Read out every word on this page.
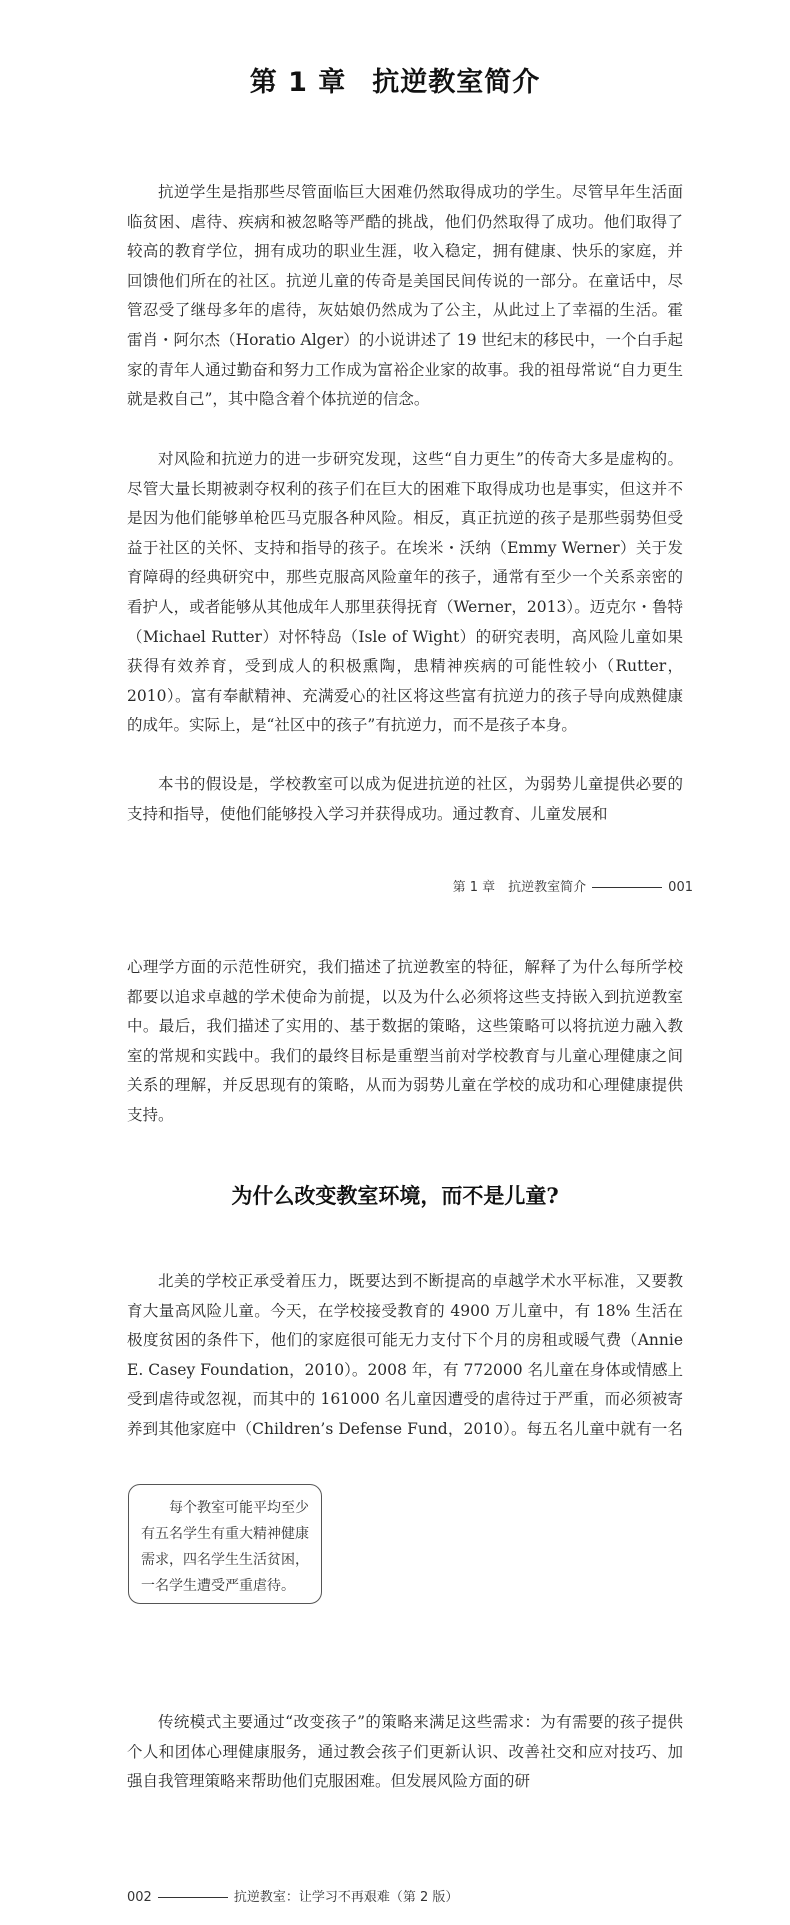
第 1 章 抗逆教室简介

抗逆学生是指那些尽管面临巨大困难仍然取得成功的学生。尽管早年生活面临贫困、虐待、疾病和被忽略等严酷的挑战，他们仍然取得了成功。他们取得了较高的教育学位，拥有成功的职业生涯，收入稳定，拥有健康、快乐的家庭，并回馈他们所在的社区。抗逆儿童的传奇是美国民间传说的一部分。在童话中，尽管忍受了继母多年的虐待，灰姑娘仍然成为了公主，从此过上了幸福的生活。霍雷肖・阿尔杰（Horatio Alger）的小说讲述了 19 世纪末的移民中，一个白手起家的青年人通过勤奋和努力工作成为富裕企业家的故事。我的祖母常说“自力更生就是救自己”，其中隐含着个体抗逆的信念。

对风险和抗逆力的进一步研究发现，这些“自力更生”的传奇大多是虚构的。尽管大量长期被剥夺权利的孩子们在巨大的困难下取得成功也是事实，但这并不是因为他们能够单枪匹马克服各种风险。相反，真正抗逆的孩子是那些弱势但受益于社区的关怀、支持和指导的孩子。在埃米・沃纳（Emmy Werner）关于发育障碍的经典研究中，那些克服高风险童年的孩子，通常有至少一个关系亲密的看护人，或者能够从其他成年人那里获得抚育（Werner，2013）。迈克尔・鲁特（Michael Rutter）对怀特岛（Isle of Wight）的研究表明，高风险儿童如果获得有效养育，受到成人的积极熏陶，患精神疾病的可能性较小（Rutter，2010）。富有奉献精神、充满爱心的社区将这些富有抗逆力的孩子导向成熟健康的成年。实际上，是“社区中的孩子”有抗逆力，而不是孩子本身。

本书的假设是，学校教室可以成为促进抗逆的社区，为弱势儿童提供必要的支持和指导，使他们能够投入学习并获得成功。通过教育、儿童发展和

第 1 章　抗逆教室简介	001

心理学方面的示范性研究，我们描述了抗逆教室的特征，解释了为什么每所学校都要以追求卓越的学术使命为前提，以及为什么必须将这些支持嵌入到抗逆教室中。最后，我们描述了实用的、基于数据的策略，这些策略可以将抗逆力融入教室的常规和实践中。我们的最终目标是重塑当前对学校教育与儿童心理健康之间关系的理解，并反思现有的策略，从而为弱势儿童在学校的成功和心理健康提供支持。

为什么改变教室环境，而不是儿童?

北美的学校正承受着压力，既要达到不断提高的卓越学术水平标准，又要教育大量高风险儿童。今天，在学校接受教育的 4900 万儿童中，有 18% 生活在极度贫困的条件下，他们的家庭很可能无力支付下个月的房租或暖气费（Annie E. Casey Foundation，2010）。2008 年，有 772000 名儿童在身体或情感上受到虐待或忽视，而其中的 161000 名儿童因遭受的虐待过于严重，而必须被寄养到其他家庭中（Children’s Defense Fund，2010）。每五名儿童中就有一名

每个教室可能平均至少有五名学生有重大精神健康需求，四名学生生活贫困，一名学生遭受严重虐待。

传统模式主要通过“改变孩子”的策略来满足这些需求：为有需要的孩子提供个人和团体心理健康服务，通过教会孩子们更新认识、改善社交和应对技巧、加强自我管理策略来帮助他们克服困难。但发展风险方面的研

002	抗逆教室：让学习不再艰难（第 2 版）
